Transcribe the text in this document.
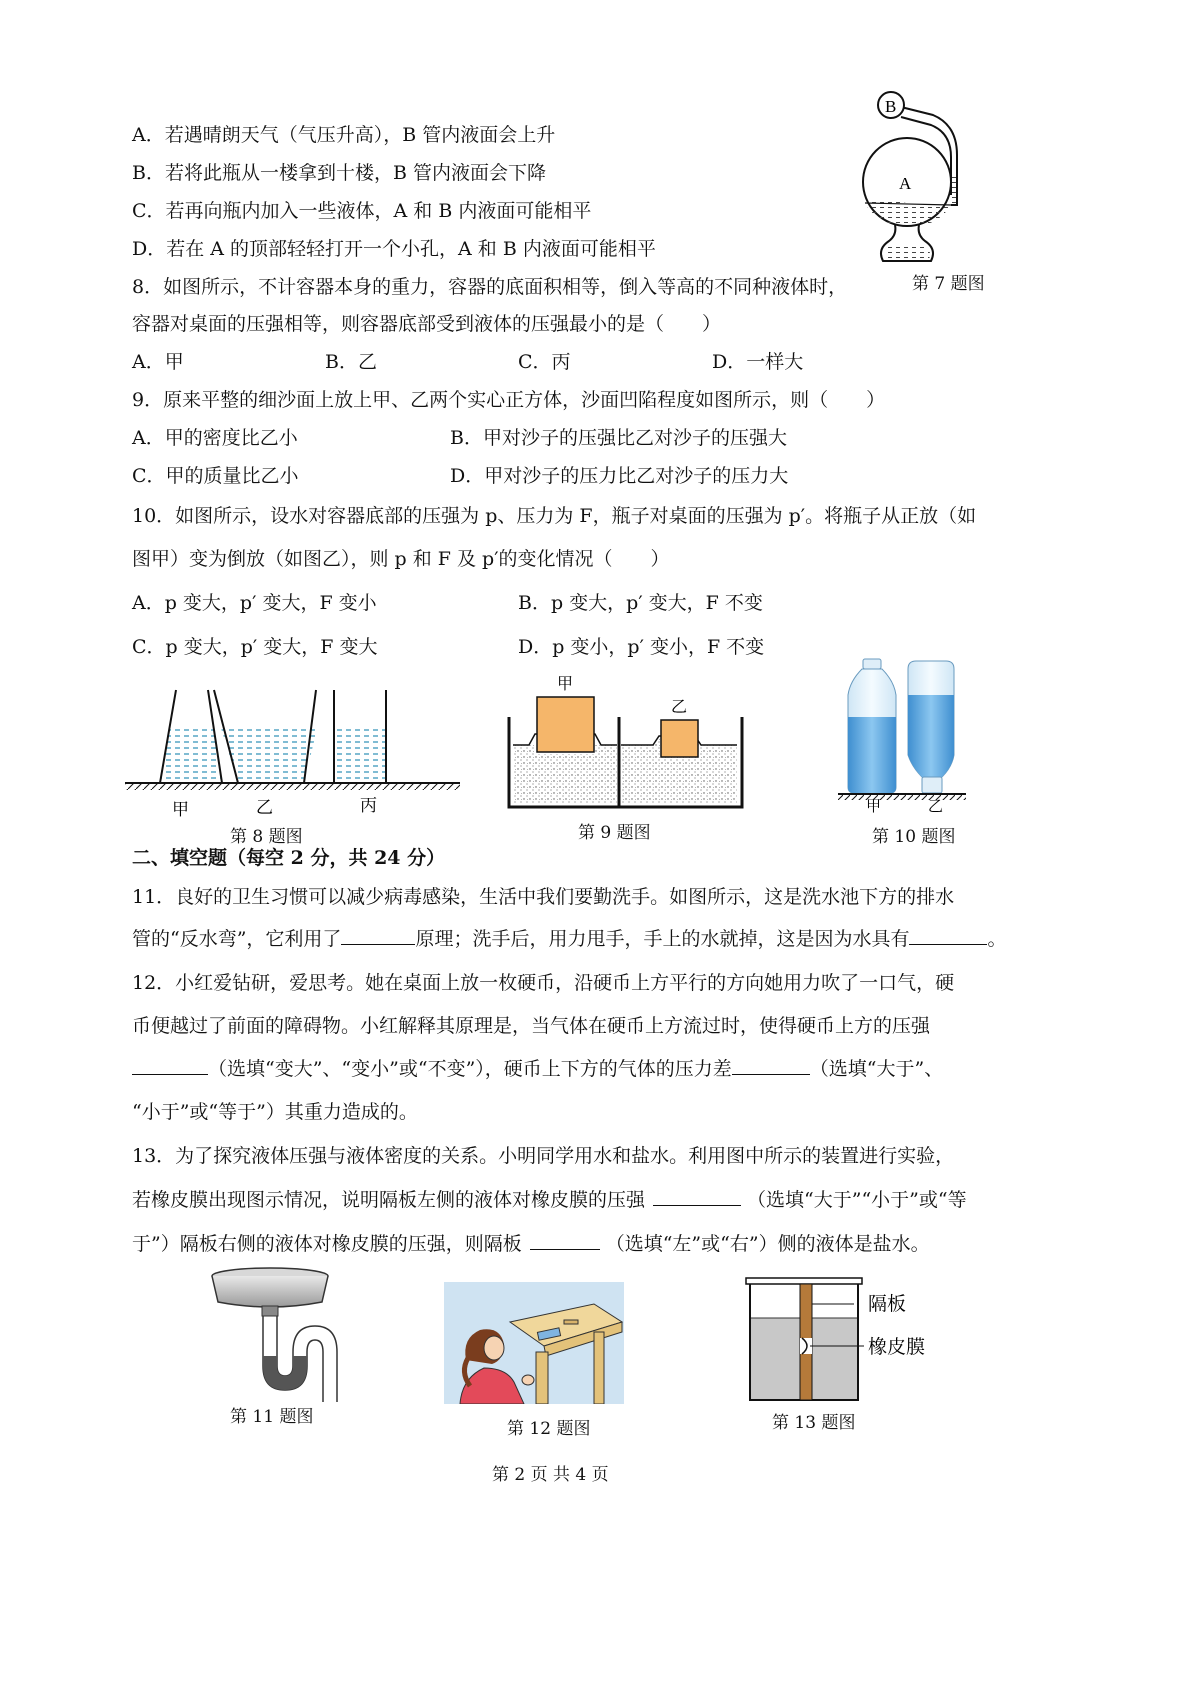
A．若遇晴朗天气（气压升高），B 管内液面会上升
B．若将此瓶从一楼拿到十楼，B 管内液面会下降
C．若再向瓶内加入一些液体，A 和 B 内液面可能相平
D．若在 A 的顶部轻轻打开一个小孔，A 和 B 内液面可能相平
B
A
第 7 题图
8．如图所示，不计容器本身的重力，容器的底面积相等，倒入等高的不同种液体时，
容器对桌面的压强相等，则容器底部受到液体的压强最小的是（　　）
A．甲	B．乙	C．丙	D．一样大
9．原来平整的细沙面上放上甲、乙两个实心正方体，沙面凹陷程度如图所示，则（　　）
A．甲的密度比乙小	B．甲对沙子的压强比乙对沙子的压强大
C．甲的质量比乙小	D．甲对沙子的压力比乙对沙子的压力大
10．如图所示，设水对容器底部的压强为 p、压力为 F，瓶子对桌面的压强为 p′。将瓶子从正放（如
图甲）变为倒放（如图乙），则 p 和 F 及 p′的变化情况（　　）
A．p 变大，p′ 变大，F 变小	B．p 变大，p′ 变大，F 不变
C．p 变大，p′ 变大，F 变大	D．p 变小，p′ 变小，F 不变
甲	乙	丙
第 8 题图
甲
乙
第 9 题图
甲	乙
第 10 题图
二、填空题（每空 2 分，共 24 分）
11．良好的卫生习惯可以减少病毒感染，生活中我们要勤洗手。如图所示，这是洗水池下方的排水
管的“反水弯”，它利用了	原理；洗手后，用力甩手，手上的水就掉，这是因为水具有	。
12．小红爱钻研，爱思考。她在桌面上放一枚硬币，沿硬币上方平行的方向她用力吹了一口气，硬
币便越过了前面的障碍物。小红解释其原理是，当气体在硬币上方流过时，使得硬币上方的压强
（选填“变大”、“变小”或“不变”），硬币上下方的气体的压力差	（选填“大于”、
“小于”或“等于”）其重力造成的。
13．为了探究液体压强与液体密度的关系。小明同学用水和盐水。利用图中所示的装置进行实验，
若橡皮膜出现图示情况，说明隔板左侧的液体对橡皮膜的压强	（选填“大于”“小于”或“等
于”）隔板右侧的液体对橡皮膜的压强，则隔板	（选填“左”或“右”）侧的液体是盐水。
第 11 题图
第 12 题图
隔板
橡皮膜
第 13 题图
第 2 页 共 4 页
